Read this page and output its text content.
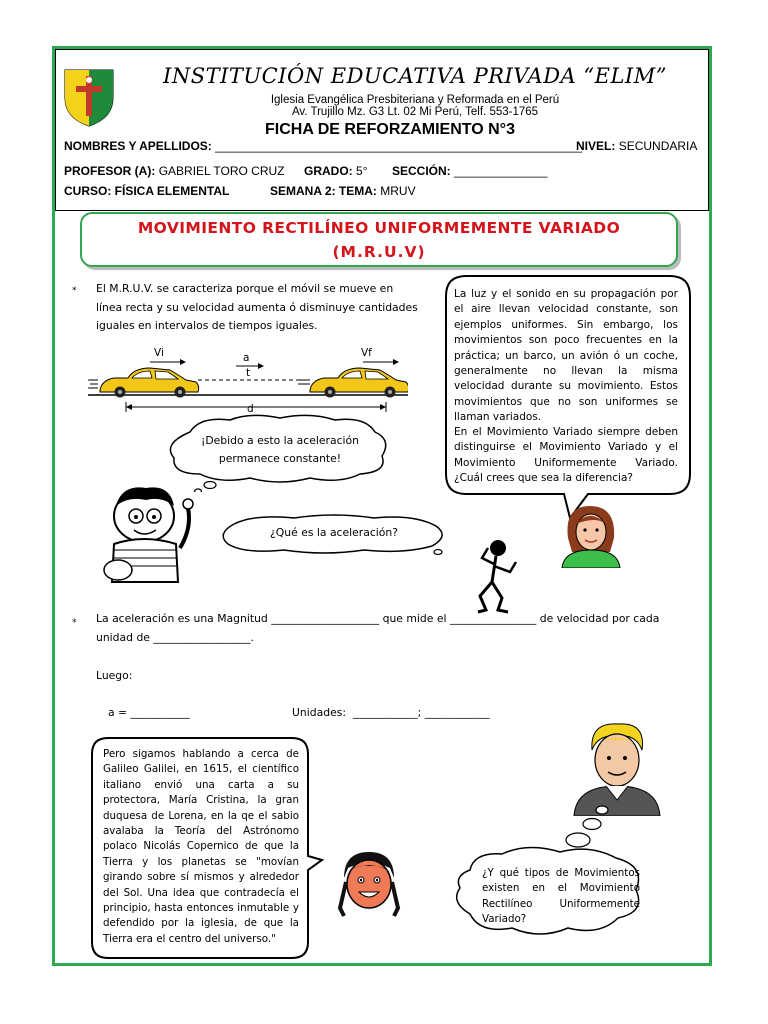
INSTITUCIÓN EDUCATIVA PRIVADA “ELIM”
Iglesia Evangélica Presbiteriana y Reformada en el Perú
Av. Trujillo Mz. G3 Lt. 02 Mi Perú, Telf. 553-1765
FICHA DE REFORZAMIENTO N°3
NOMBRES Y APELLIDOS: _______________________________________________________
NIVEL: SECUNDARIA
PROFESOR (A): GABRIEL TORO CRUZ GRADO: 5° SECCIÓN: ______________
CURSO: FÍSICA ELEMENTAL	SEMANA 2: TEMA: MRUV
MOVIMIENTO RECTILÍNEO UNIFORMEMENTE VARIADO
(M.R.U.V)
* El M.R.U.V. se caracteriza porque el móvil se mueve en línea recta y su velocidad aumenta ó disminuye cantidades iguales en intervalos de tiempos iguales.
Vi	a
t
Vf
d
¡Debido a esto la aceleración permanece constante!
¿Qué es la aceleración?
La luz y el sonido en su propagación por el aire llevan velocidad constante, son ejemplos uniformes. Sin embargo, los movimientos son poco frecuentes en la práctica; un barco, un avión ó un coche, generalmente no llevan la misma velocidad durante su movimiento. Estos movimientos que no son uniformes se llaman variados.
En el Movimiento Variado siempre deben distinguirse el Movimiento Variado y el Movimiento Uniformemente Variado. ¿Cuál crees que sea la diferencia?
* La aceleración es una Magnitud ____________________ que mide el ________________ de velocidad por cada
unidad de __________________.
Luego:
a = ___________	Unidades: ____________; ____________
Pero sigamos hablando a cerca de Galileo Galilei, en 1615, el científico italiano envió una carta a su protectora, María Cristina, la gran duquesa de Lorena, en la qe el sabio avalaba la Teoría del Astrónomo polaco Nicolás Copernico de que la Tierra y los planetas se "movían girando sobre sí mismos y alrededor del Sol. Una idea que contradecía el principio, hasta entonces inmutable y defendido por la iglesia, de que la Tierra era el centro del universo."
¿Y qué tipos de Movimientos existen en el Movimiento Rectilíneo Uniformemente Variado?
